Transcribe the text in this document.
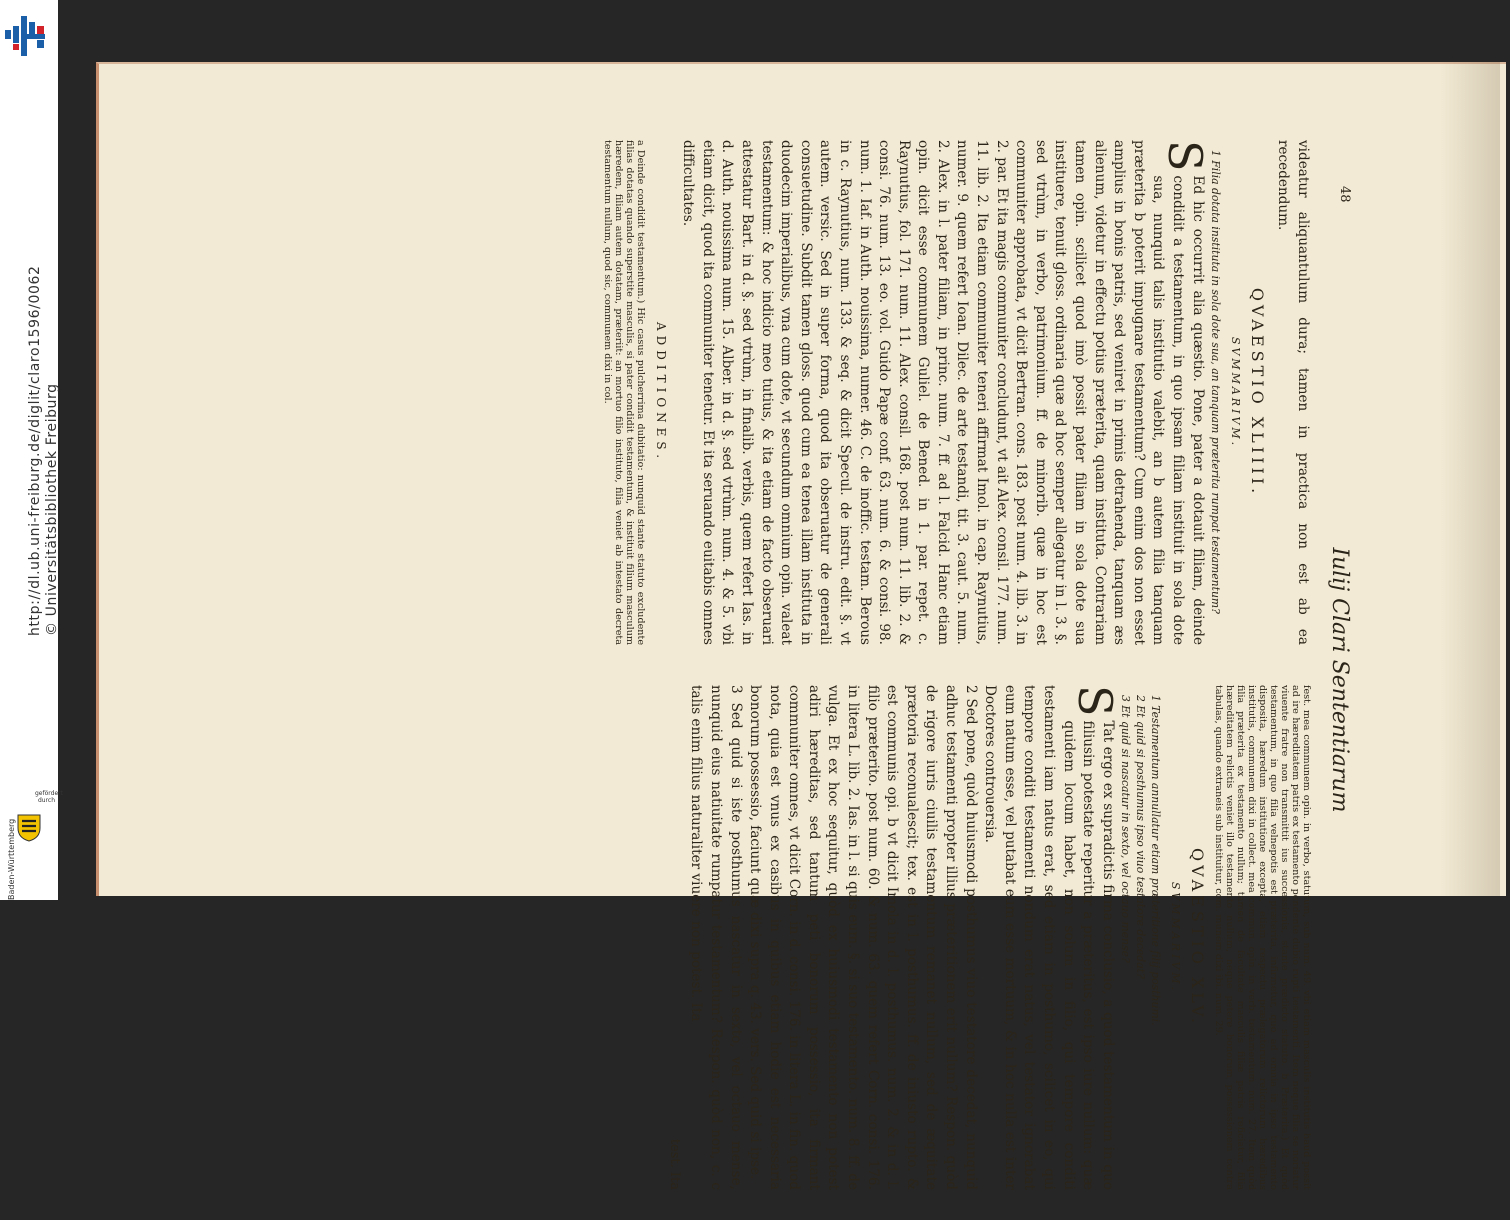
http://dl.ub.uni-freiburg.de/diglit/claro1596/0062 © Universitätsbibliothek Freiburg
gefördert durch
Baden-Württemberg
48
Iulij Clari Sententiarum

videatur aliquantulum dura; tamen in practica non est ab ea recedendum.

QVAESTIO XLIIII.
SVMMARIVM.
1 Filia dotata instituta in sola dote sua, an tanquam præterita rumpat testamentum?

S
Ed hic occurrit alia quæstio. Pone, pater a dotauit filiam, deinde condidit a testamentum, in quo ipsam filiam instituit in sola dote sua, nunquid talis institutio valebit, an b autem filia tanquam præterita b poterit impugnare testamentum? Cum enim dos non esset amplius in bonis patris, sed veniret in primis detrahenda, tanquam æs alienum, videtur in effectu potius præterita, quam instituta. Contrariam tamen opin. scilicet quod imò possit pater filiam in sola dote sua instituere, tenuit gloss. ordinaria quæ ad hoc semper allegatur in l. 3. §. sed vtrùm, in verbo, patrimonium. ff. de minorib. quæ in hoc est communiter approbata, vt dicit Bertran. cons. 183. post num. 4. lib. 3. in 2. par. Et ita magis communiter concludunt, vt ait Alex. consil. 177. num. 11. lib. 2. Ita etiam communiter teneri affirmat Imol. in cap. Raynutius, numer. 9. quem refert Ioan. Dilec. de arte testandi, tit. 3. caut. 5. num. 2. Alex. in l. pater filiam, in princ. num. 7. ff. ad l. Falcid. Hanc etiam opin. dicit esse communem Guliel. de Bened. in 1. par. repet. c. Raynutius, fol. 171. num. 11. Alex. consil. 168. post num. 11. lib. 2. & consi. 76. num. 13. eo. vol. Guido Papæ conf. 63. num. 6. & consi. 98. num. 1. Iaf. in Auth. nouissima, numer. 46. C. de inoffic. testam. Berous in c. Raynutius, num. 133. & seq. & dicit Specul. de instru. edit. §. vt autem. versic. Sed in super forma, quod ita obseruatur de generali consuetudine. Subdit tamen gloss. quod cum ea tenea illam instituta in duodecim imperialibus, vna cum dote, vt secundum omnium opin. valeat testamentum: & hoc indicio meo tutius, & ita etiam de facto obseruari attestatur Bart. in d. §. sed vtrùm, in finalib. verbis, quem refert Ias. in d. Auth. nouissima num. 15. Alber. in d. §. sed vtrùm. num. 4. & 5. vbi etiam dicit, quod ita communiter tenetur. Et ita seruando euitabis omnes difficultates.

ADDITIONES.

a Deinde condidit testamentum.) Hic casus pulcherrima dubitatio: nunquid stante statuto excludente filias dotatas quando superstite masculis, si pater condidit testamentum, & instituit filium masculum hæredem, filiam autem dotatam, præteriit: an mortuo filio instituto, filia veniet ab intestato decreta testamentum nullum, quod sic, communem dixi in col.

fest. mea communem opin. in verbo, statutum, sub num. 49. vbi etiam masculis institutis haud possit ad ire hæreditatem patris ex testamento pendente dubio rupti testamenti. Item neque filia se noriatur viuente fratre non transmittit ius successionis, stante prædicto statuto. b Præterita.) Et quòd testamentum, in quo filia velnepotis est præterita, infirmetur, quo ad omnia in ipso testamento disposita, hæredum institutione excepta, etiam respectu prælegatorum relictorum hæredibus institutis, communem dixi in collect. mea commun. opin. in verb. testamentum. num. 27. Item quòd filia præterita ex testamento nullum; tamen de facultate masculis filiæ patris reficiatur, filia hæreditatem relictis veniet illo testamento nullum, neque petere bonorum possessionem contra tabulas, quando extraneis sub instituitur, com. munem dixi ibi. num. 29.

QVAESTIO XLV.
SVMMARIVM.
1 Testamentum annullatur etiam præteritione filij posthumi.
2 Et quid si posthumus ipso viuo testatore decedat?
3 Et quid si nascatur in sexto, vel octauo mense?

S
Tat ergo ex supradictis firma conclusio, a quod testamentum in quo filiusin potestate reperitur a præteritus, est ipso iure nullum: quæ quidem locum habet, non solum in filio, qui tempore conditi testamenti iam natus erat, sed etiam in posthumo, scilicet in eo, qui tempore conditi testamenti nondum erat natus, vel testator ignorabat eum natum esse, vel putabat eum esse mortuum, & in hoc nulla est inter Doctores controuersia.

2 Sed pone, quòd huiusmodi posthumus viuo testatore decedat, nunquid adhuc testamenti propter illius præteritionem erit nullum? Respon. quòd de rigore iuris ciuilis testamentum remanet nullum, sed de æquitate prætoria reconualescit; tex. est in l. posthumus. ff. de iniusto rupto. & est communis opi. b vt dicit Imola in d. l. posthumus. num. 2. & in d. l. filio præterito. post num. 60. & num. 63. quem refert Corn. consi. 176. in litera L. lib. 2. Ias. in l. si quis eum. §. si suo testamento. num. 8. ff. de vulga. Et ex hoc sequitur, quòd ex huiusmodi testamento non potest adiri hæreditas, sed tantum peti bonorum possessio, ita firmant communiter omnes, vt dicit Corn. in d. consi. 176. in litera L. in fin. quod nota, quia est vnus ex casibus in quibus etiam hodie est necessaria bonorum possessio, faciunt quæ dixi supra q. 43. vers. Sed quid si ipse.

3 Sed quid si iste posthumus nascatur in sexto, vel octauo mense, nunquid eius natiuitate rumpatur testamentum? Respon. quòd non, c. c talis enim filius naturaliter viuere non potest. Ita

test. Ita
